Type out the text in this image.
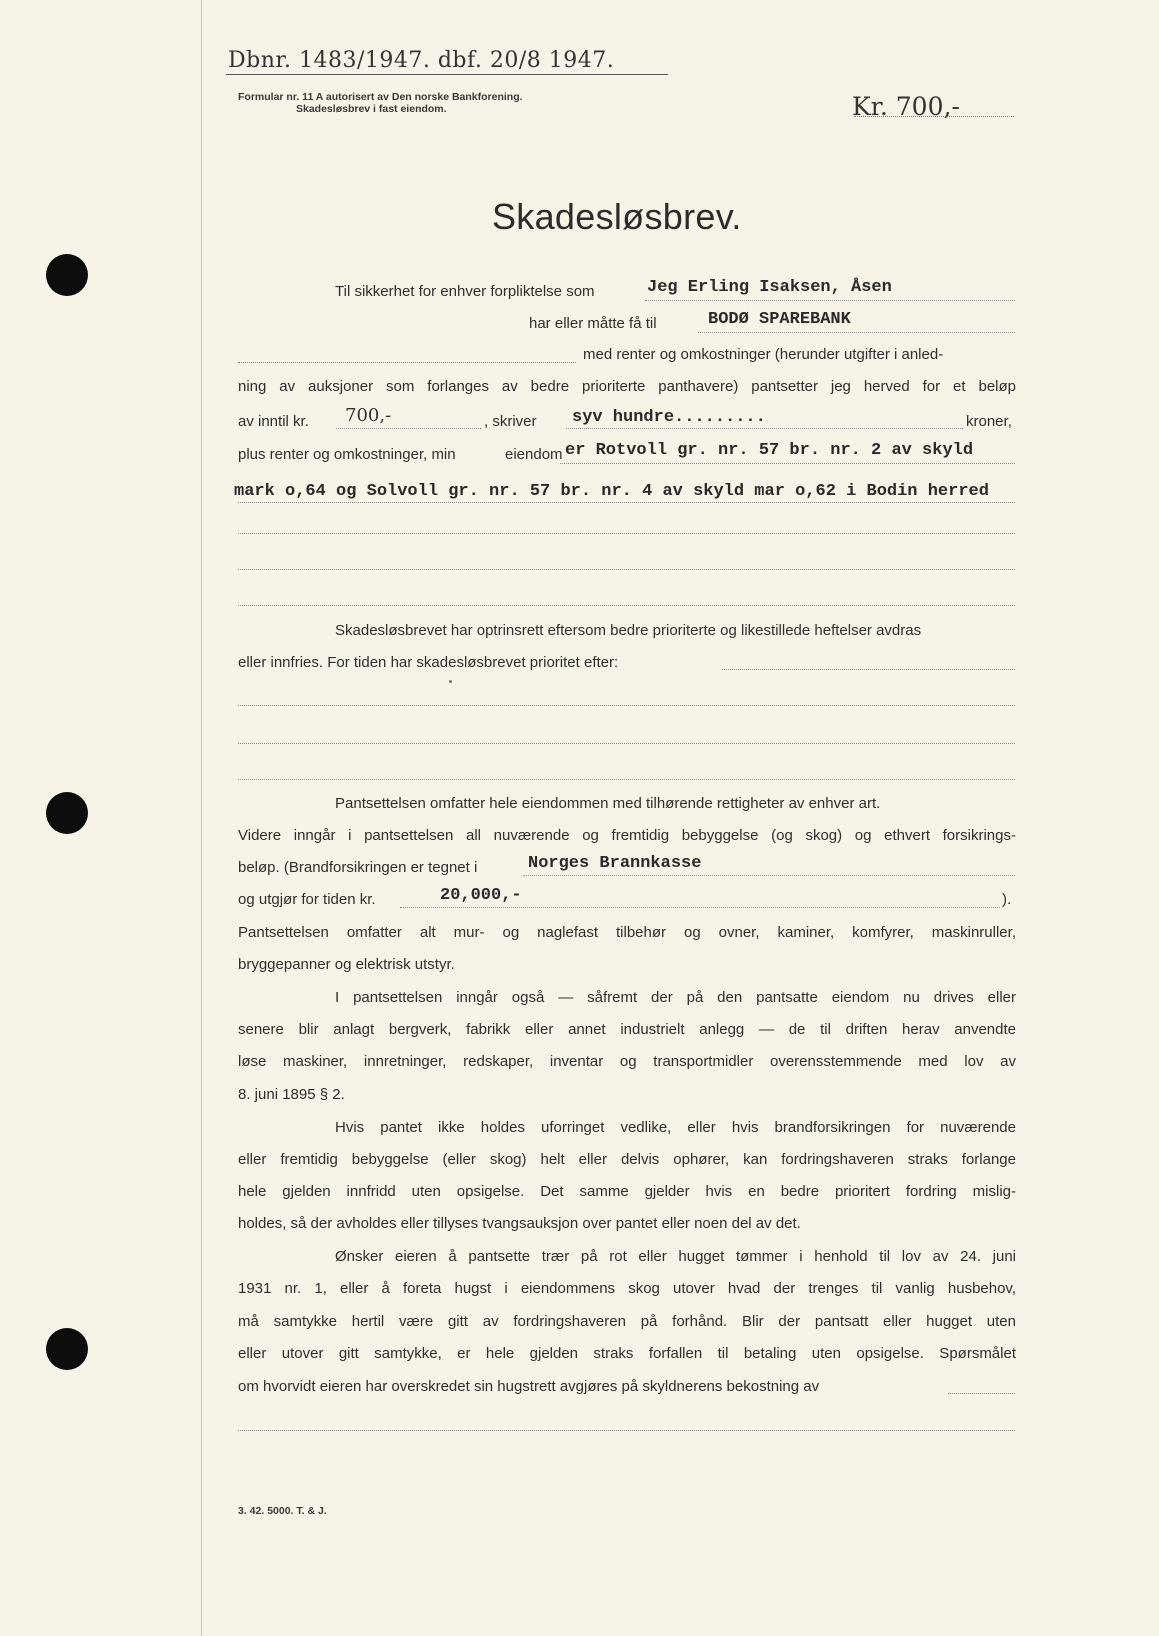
Dbnr. 1483/1947. dbf. 20/8 1947.
Formular nr. 11 A autorisert av Den norske Bankforening.
Skadesløsbrev i fast eiendom.	Kr. 700,-
Skadesløsbrev.
Til sikkerhet for enhver forpliktelse som	Jeg Erling Isaksen, Åsen
har eller måtte få til	BODØ SPAREBANK
med renter og omkostninger (herunder utgifter i anled-
ning av auksjoner som forlanges av bedre prioriterte panthavere) pantsetter jeg herved for et beløp
av inntil kr. 700,-	, skriver syv hundre.........	kroner,
plus renter og omkostninger, min	eiendom er Rotvoll gr. nr. 57 br. nr. 2 av skyld
mark o,64 og Solvoll gr. nr. 57 br. nr. 4 av skyld mar o,62 i Bodin herred
Skadesløsbrevet har optrinsrett eftersom bedre prioriterte og likestillede heftelser avdras
eller innfries. For tiden har skadesløsbrevet prioritet efter:
Pantsettelsen omfatter hele eiendommen med tilhørende rettigheter av enhver art.
Videre inngår i pantsettelsen all nuværende og fremtidig bebyggelse (og skog) og ethvert forsikrings-
beløp. (Brandforsikringen er tegnet i	Norges Brannkasse
og utgjør for tiden kr.	20,000,-	).
Pantsettelsen omfatter alt mur- og naglefast tilbehør og ovner, kaminer, komfyrer, maskinruller,
bryggepanner og elektrisk utstyr.
I pantsettelsen inngår også — såfremt der på den pantsatte eiendom nu drives eller
senere blir anlagt bergverk, fabrikk eller annet industrielt anlegg — de til driften herav anvendte
løse maskiner, innretninger, redskaper, inventar og transportmidler overensstemmende med lov av
8. juni 1895 § 2.
Hvis pantet ikke holdes uforringet vedlike, eller hvis brandforsikringen for nuværende
eller fremtidig bebyggelse (eller skog) helt eller delvis ophører, kan fordringshaveren straks forlange
hele gjelden innfridd uten opsigelse. Det samme gjelder hvis en bedre prioritert fordring mislig-
holdes, så der avholdes eller tillyses tvangsauksjon over pantet eller noen del av det.
Ønsker eieren å pantsette trær på rot eller hugget tømmer i henhold til lov av 24. juni
1931 nr. 1, eller å foreta hugst i eiendommens skog utover hvad der trenges til vanlig husbehov,
må samtykke hertil være gitt av fordringshaveren på forhånd. Blir der pantsatt eller hugget uten
eller utover gitt samtykke, er hele gjelden straks forfallen til betaling uten opsigelse. Spørsmålet
om hvorvidt eieren har overskredet sin hugstrett avgjøres på skyldnerens bekostning av
3. 42. 5000. T. & J.
